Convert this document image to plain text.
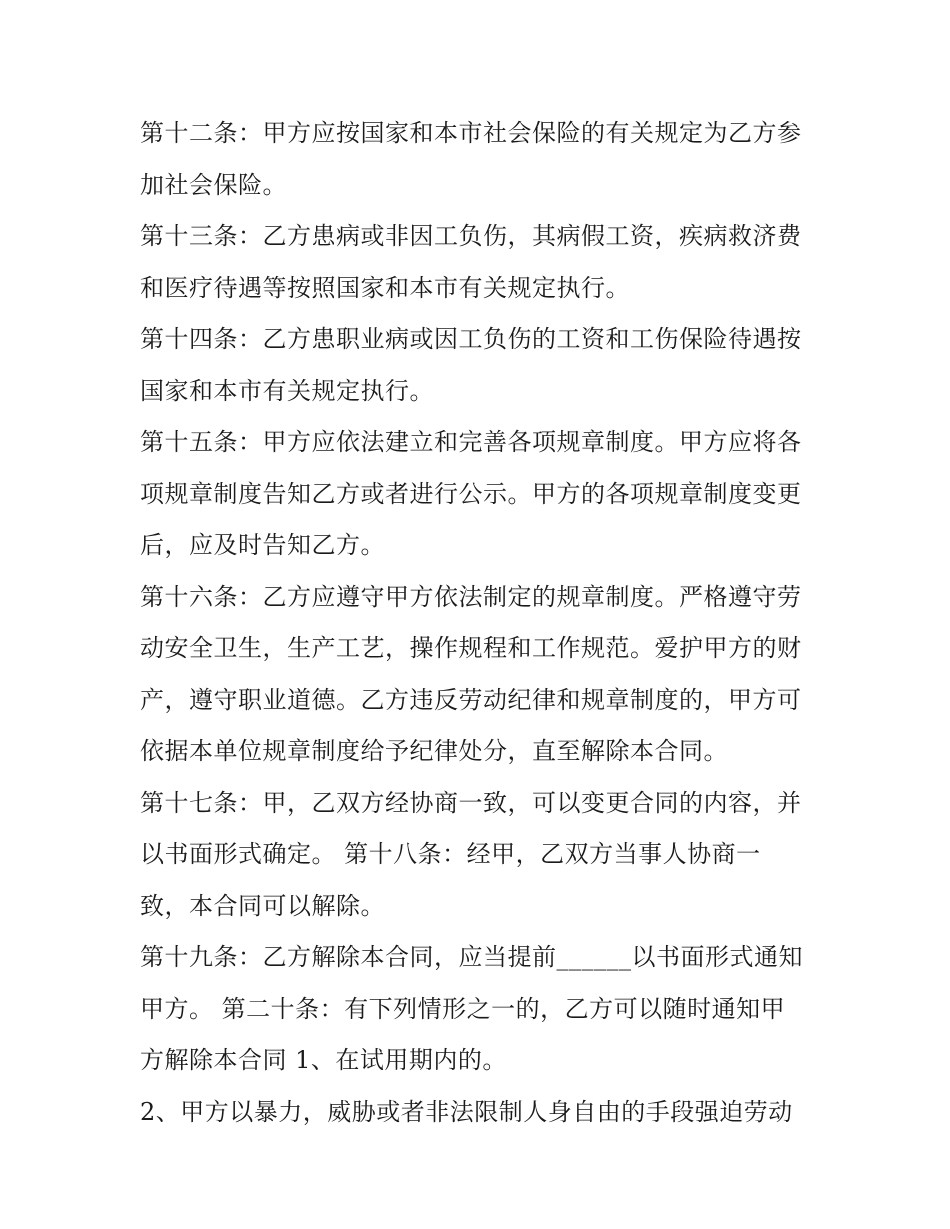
第十二条：甲方应按国家和本市社会保险的有关规定为乙方参
加社会保险。
第十三条：乙方患病或非因工负伤，其病假工资，疾病救济费
和医疗待遇等按照国家和本市有关规定执行。
第十四条：乙方患职业病或因工负伤的工资和工伤保险待遇按
国家和本市有关规定执行。
第十五条：甲方应依法建立和完善各项规章制度。甲方应将各
项规章制度告知乙方或者进行公示。甲方的各项规章制度变更
后，应及时告知乙方。
第十六条：乙方应遵守甲方依法制定的规章制度。严格遵守劳
动安全卫生，生产工艺，操作规程和工作规范。爱护甲方的财
产，遵守职业道德。乙方违反劳动纪律和规章制度的，甲方可
依据本单位规章制度给予纪律处分，直至解除本合同。
第十七条：甲，乙双方经协商一致，可以变更合同的内容，并
以书面形式确定。 第十八条：经甲，乙双方当事人协商一
致，本合同可以解除。
第十九条：乙方解除本合同，应当提前______以书面形式通知
甲方。 第二十条：有下列情形之一的，乙方可以随时通知甲
方解除本合同 1、在试用期内的。
2、甲方以暴力，威胁或者非法限制人身自由的手段强迫劳动
